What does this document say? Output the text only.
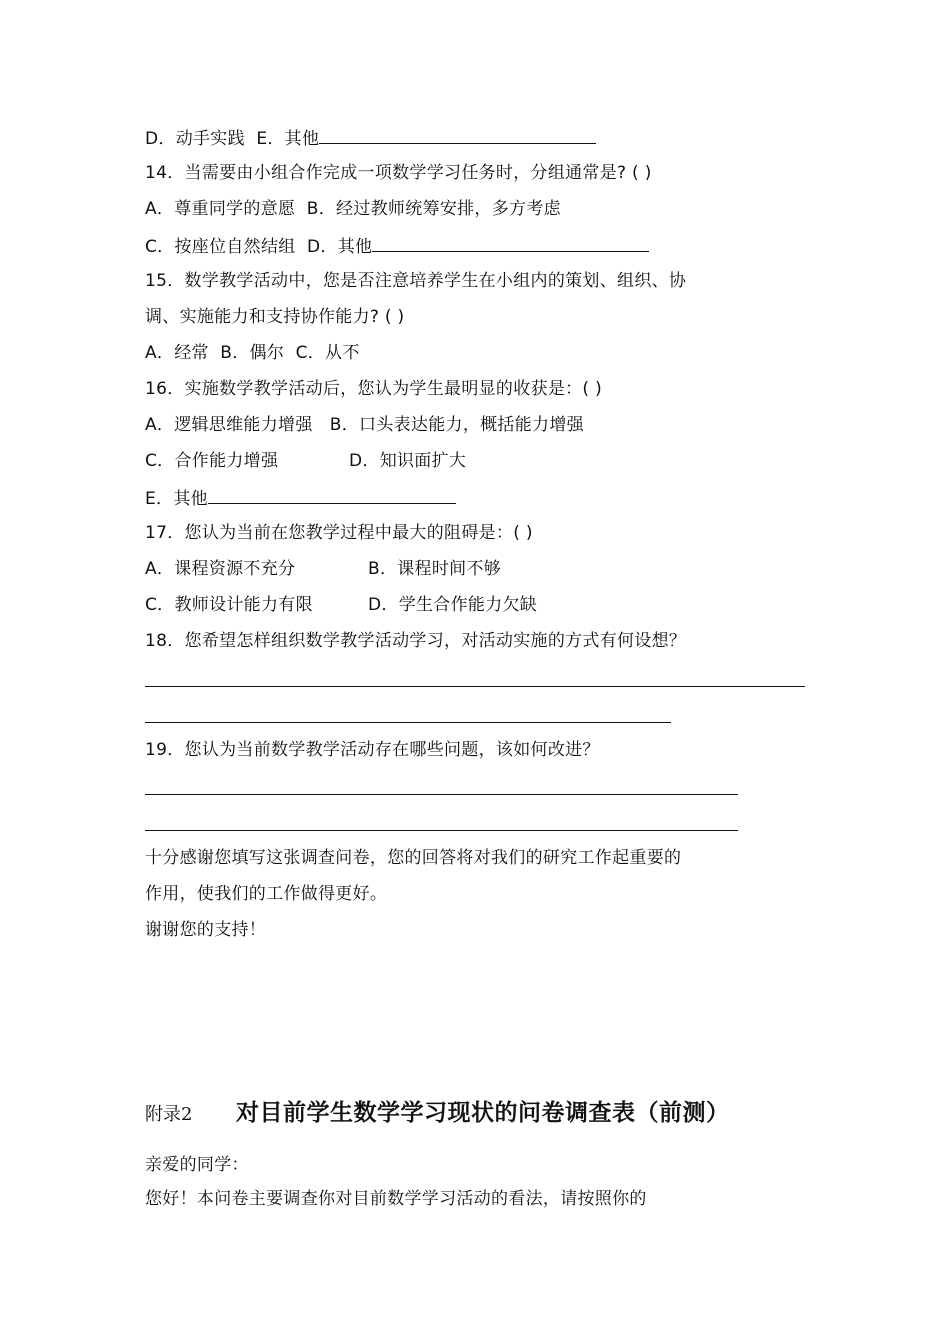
D．动手实践 E．其他
14．当需要由小组合作完成一项数学学习任务时，分组通常是? ( )
A．尊重同学的意愿 B．经过教师统筹安排，多方考虑
C．按座位自然结组 D．其他
15．数学教学活动中，您是否注意培养学生在小组内的策划、组织、协
调、实施能力和支持协作能力? ( )
A．经常 B．偶尔 C．从不
16．实施数学教学活动后，您认为学生最明显的收获是：( )
A．逻辑思维能力增强 B．口头表达能力，概括能力增强
C．合作能力增强	D．知识面扩大
E．其他
17．您认为当前在您教学过程中最大的阻碍是：( )
A．课程资源不充分	B．课程时间不够
C．教师设计能力有限	D．学生合作能力欠缺
18．您希望怎样组织数学教学活动学习，对活动实施的方式有何设想？
19．您认为当前数学教学活动存在哪些问题，该如何改进？
十分感谢您填写这张调查问卷，您的回答将对我们的研究工作起重要的
作用，使我们的工作做得更好。
谢谢您的支持！
附录2 对目前学生数学学习现状的问卷调查表（前测）
亲爱的同学：
您好！本问卷主要调查你对目前数学学习活动的看法，请按照你的
